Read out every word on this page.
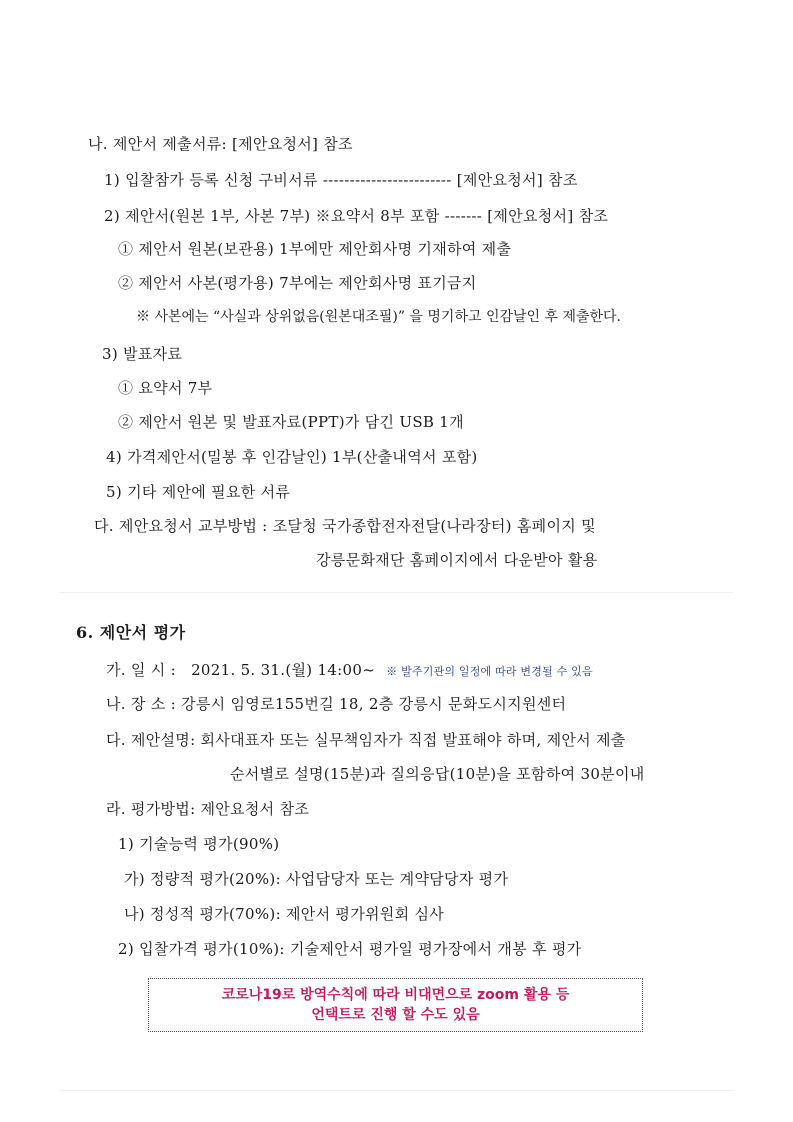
나. 제안서 제출서류: [제안요청서] 참조
1) 입찰참가 등록 신청 구비서류 ------------------------ [제안요청서] 참조
2) 제안서(원본 1부, 사본 7부) ※요약서 8부 포함 ------- [제안요청서] 참조
① 제안서 원본(보관용) 1부에만 제안회사명 기재하여 제출
② 제안서 사본(평가용) 7부에는 제안회사명 표기금지
※ 사본에는 “사실과 상위없음(원본대조필)” 을 명기하고 인감날인 후 제출한다.
3) 발표자료
① 요약서 7부
② 제안서 원본 및 발표자료(PPT)가 담긴 USB 1개
4) 가격제안서(밀봉 후 인감날인) 1부(산출내역서 포함)
5) 기타 제안에 필요한 서류
다. 제안요청서 교부방법 : 조달청 국가종합전자전달(나라장터) 홈페이지 및
강릉문화재단 홈페이지에서 다운받아 활용
6. 제안서 평가
가. 일 시 : 2021. 5. 31.(월) 14:00~ ※ 발주기관의 일정에 따라 변경될 수 있음
나. 장 소 : 강릉시 임영로155번길 18, 2층 강릉시 문화도시지원센터
다. 제안설명: 회사대표자 또는 실무책임자가 직접 발표해야 하며, 제안서 제출
순서별로 설명(15분)과 질의응답(10분)을 포함하여 30분이내
라. 평가방법: 제안요청서 참조
1) 기술능력 평가(90%)
가) 정량적 평가(20%): 사업담당자 또는 계약담당자 평가
나) 정성적 평가(70%): 제안서 평가위원회 심사
2) 입찰가격 평가(10%): 기술제안서 평가일 평가장에서 개봉 후 평가
코로나19로 방역수칙에 따라 비대면으로 zoom 활용 등
언택트로 진행 할 수도 있음
